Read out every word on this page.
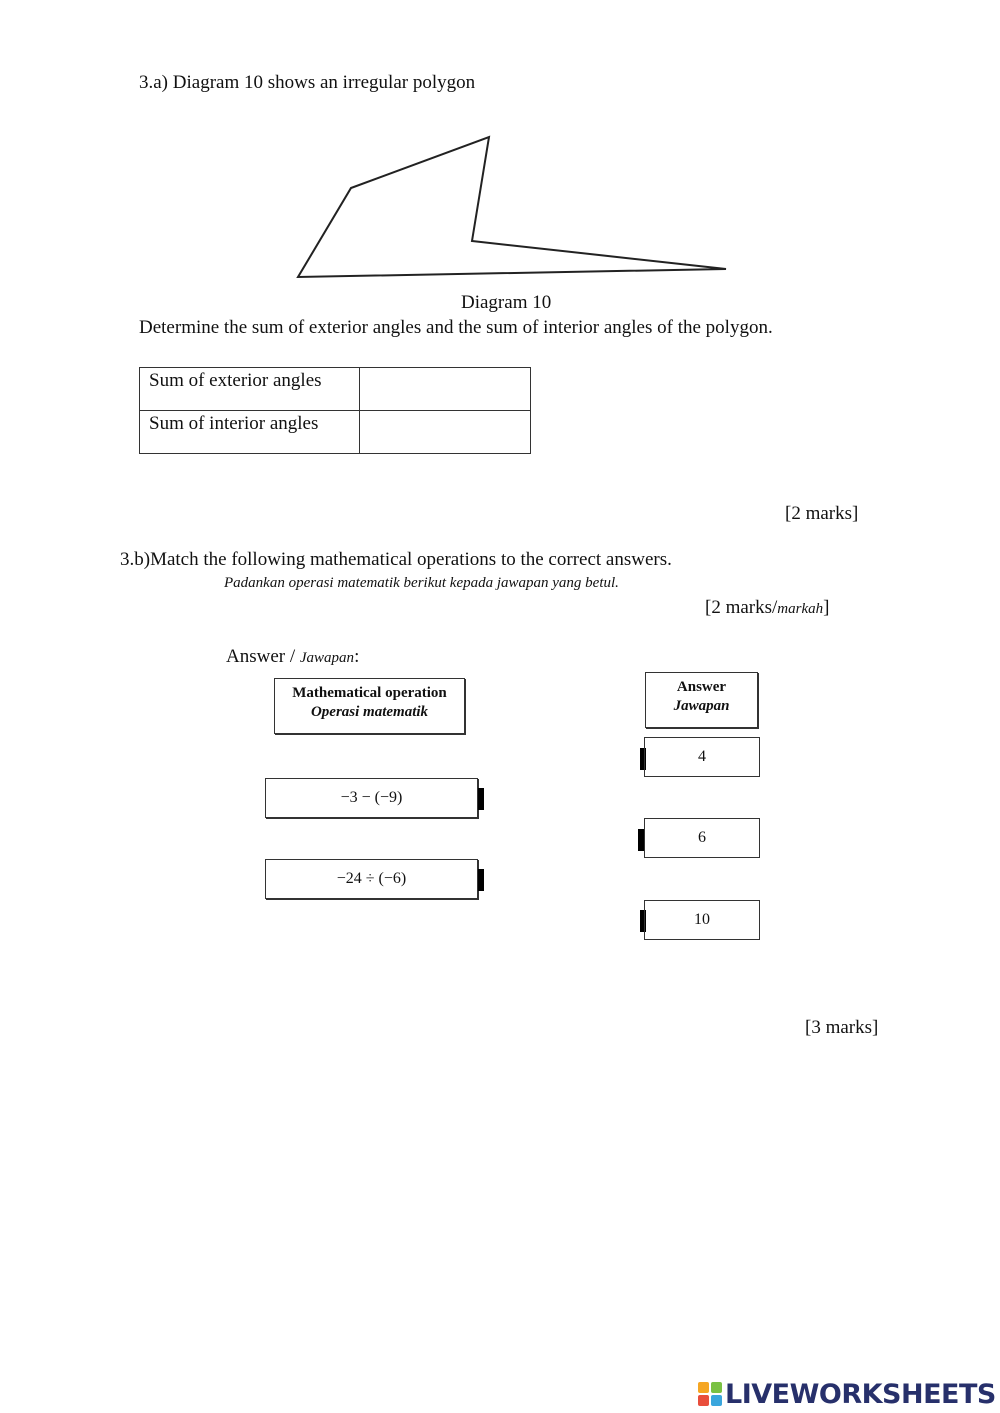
3.a) Diagram 10 shows an irregular polygon
Diagram 10
Determine the sum of exterior angles and the sum of interior angles of the polygon.
Sum of exterior angles	
Sum of interior angles	
[2 marks]
3.b)Match the following mathematical operations to the correct answers.
Padankan operasi matematik berikut kepada jawapan yang betul.
[2 marks/markah]
Answer / Jawapan:
Mathematical operation
Operasi matematik
Answer
Jawapan
−3 − (−9)
−24 ÷ (−6)
4
6
10
[3 marks]
LIVEWORKSHEETS
